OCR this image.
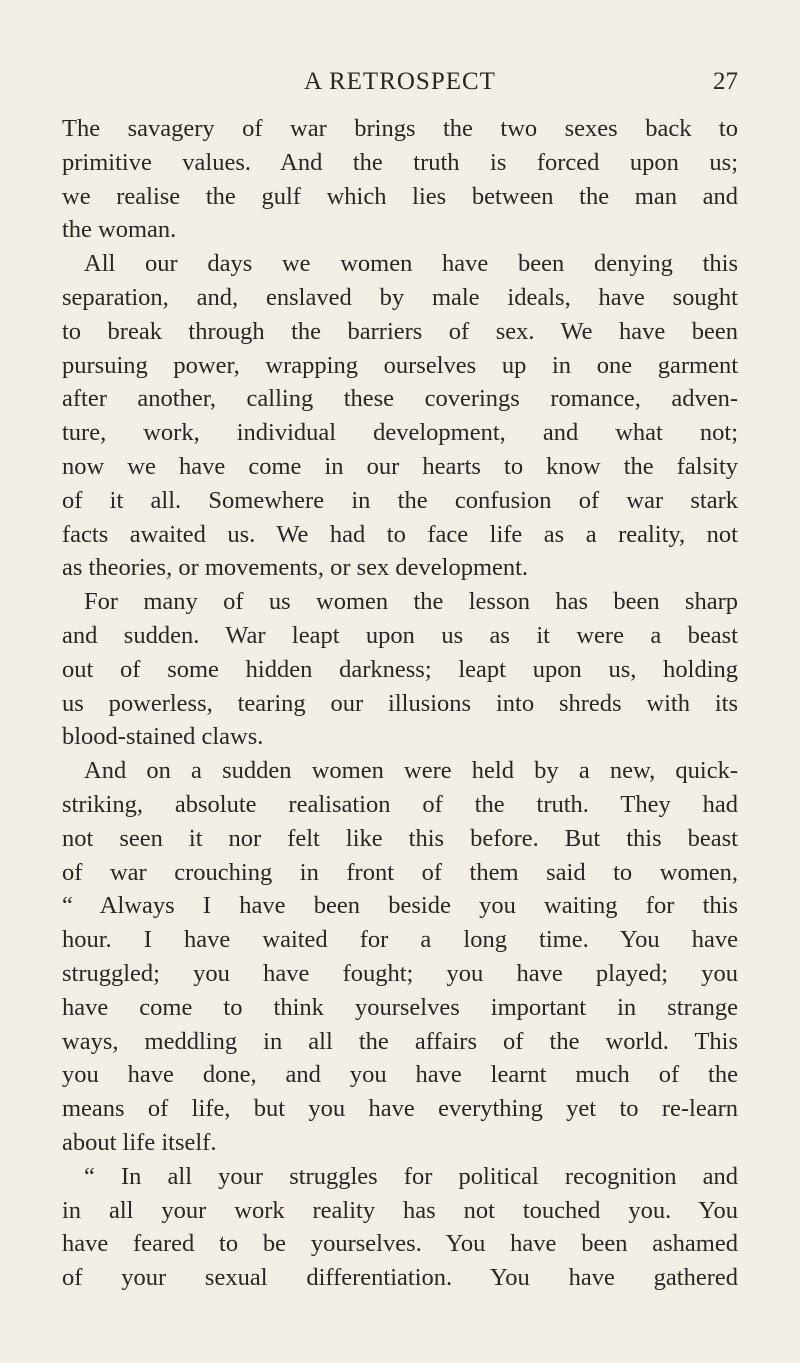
A RETROSPECT	27
The savagery of war brings the two sexes back to
primitive values. And the truth is forced upon us;
we realise the gulf which lies between the man and
the woman.
All our days we women have been denying this
separation, and, enslaved by male ideals, have sought
to break through the barriers of sex. We have been
pursuing power, wrapping ourselves up in one garment
after another, calling these coverings romance, adven-
ture, work, individual development, and what not;
now we have come in our hearts to know the falsity
of it all. Somewhere in the confusion of war stark
facts awaited us. We had to face life as a reality, not
as theories, or movements, or sex development.
For many of us women the lesson has been sharp
and sudden. War leapt upon us as it were a beast
out of some hidden darkness; leapt upon us, holding
us powerless, tearing our illusions into shreds with its
blood-stained claws.
And on a sudden women were held by a new, quick-
striking, absolute realisation of the truth. They had
not seen it nor felt like this before. But this beast
of war crouching in front of them said to women,
“ Always I have been beside you waiting for this
hour. I have waited for a long time. You have
struggled; you have fought; you have played; you
have come to think yourselves important in strange
ways, meddling in all the affairs of the world. This
you have done, and you have learnt much of the
means of life, but you have everything yet to re-learn
about life itself.
“ In all your struggles for political recognition and
in all your work reality has not touched you. You
have feared to be yourselves. You have been ashamed
of your sexual differentiation. You have gathered
